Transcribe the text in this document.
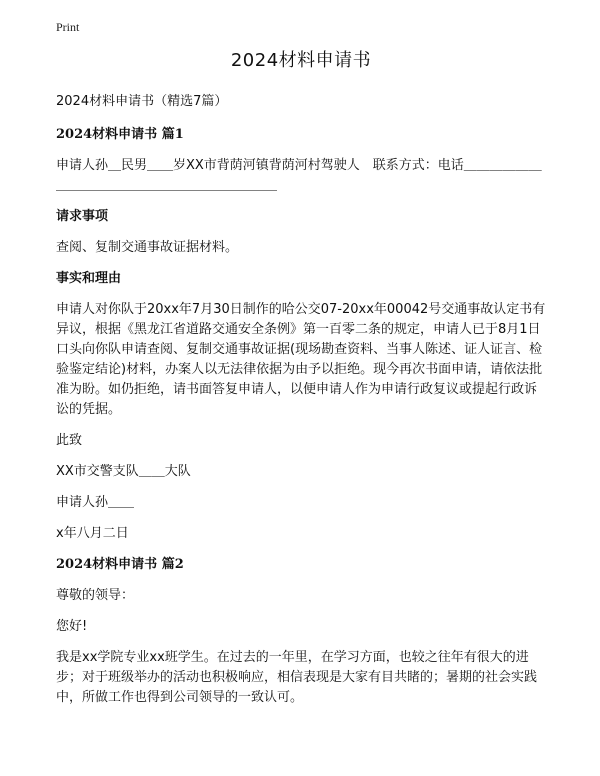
Print
2024材料申请书

2024材料申请书（精选7篇）

2024材料申请书 篇1

申请人孙＿民男＿＿岁XX市背荫河镇背荫河村驾驶人　联系方式：电话＿＿＿＿＿＿＿＿＿＿＿＿＿＿＿＿＿＿＿＿＿＿＿

请求事项

查阅、复制交通事故证据材料。

事实和理由

申请人对你队于20xx年7月30日制作的哈公交07-20xx年00042号交通事故认定书有异议，根据《黑龙江省道路交通安全条例》第一百零二条的规定，申请人已于8月1日口头向你队申请查阅、复制交通事故证据(现场勘查资料、当事人陈述、证人证言、检验鉴定结论)材料，办案人以无法律依据为由予以拒绝。现今再次书面申请，请依法批准为盼。如仍拒绝，请书面答复申请人，以便申请人作为申请行政复议或提起行政诉讼的凭据。

此致

XX市交警支队＿＿大队

申请人孙＿＿

x年八月二日

2024材料申请书 篇2

尊敬的领导：

您好!

我是xx学院专业xx班学生。在过去的一年里，在学习方面，也较之往年有很大的进步；对于班级举办的活动也积极响应，相信表现是大家有目共睹的；暑期的社会实践中，所做工作也得到公司领导的一致认可。
